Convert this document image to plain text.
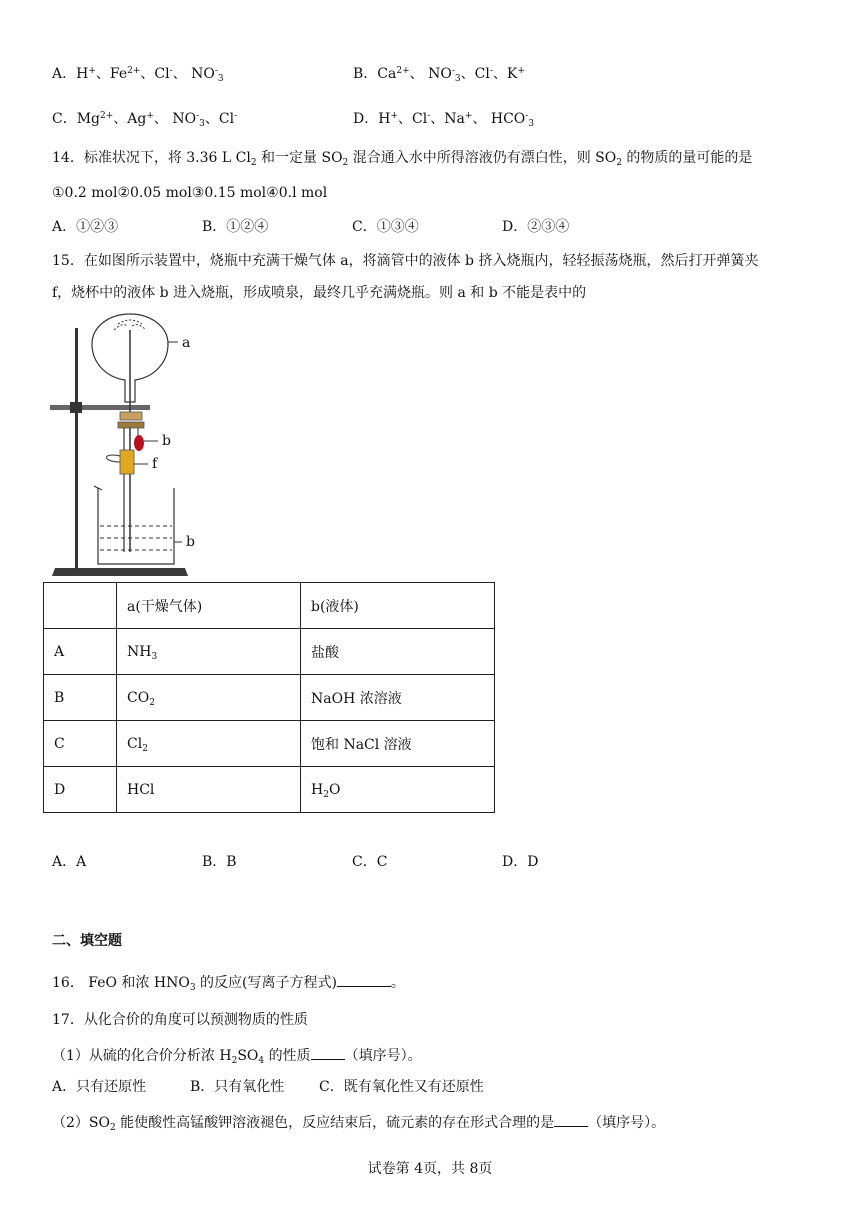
A．H+、$Fe^{2+}$、Cl-、 $NO^-_3$	B．$Ca^{2+}$、 $NO^-_3$、Cl-、K+
C．$Mg^{2+}$、Ag+、 $NO^-_3$、Cl-	D．H+、Cl-、Na+、 $HCO^-_3$
14．标准状况下，将 3.36 L $Cl_2$ 和一定量 $SO_2$ 混合通入水中所得溶液仍有漂白性，则 $SO_2$ 的物质的量可能的是
①0.2 mol②0.05 mol③0.15 mol④0.l mol
A．①②③	B．①②④	C．①③④	D．②③④
15．在如图所示装置中，烧瓶中充满干燥气体 a，将滴管中的液体 b 挤入烧瓶内，轻轻振荡烧瓶，然后打开弹簧夹
f，烧杯中的液体 b 进入烧瓶，形成喷泉，最终几乎充满烧瓶。则 a 和 b 不能是表中的
a
b
f
b
	a(干燥气体)	b(液体)
A	$NH_3$	盐酸
B	$CO_2$	NaOH 浓溶液
C	$Cl_2$	饱和 NaCl 溶液
D	HCl	$H_2O$
A．A	B．B	C．C	D．D
二、填空题
16． FeO 和浓 $HNO_3$ 的反应(写离子方程式)	。
17．从化合价的角度可以预测物质的性质
（1）从硫的化合价分析浓 $H_2SO_4$ 的性质 （填序号）。
A．只有还原性	B．只有氧化性 C．既有氧化性又有还原性
$(2)SO_2$ 能使酸性高锰酸钾溶液褪色，反应结束后，硫元素的存在形式合理的是 （填序号）。
试卷第 4页，共 8页
